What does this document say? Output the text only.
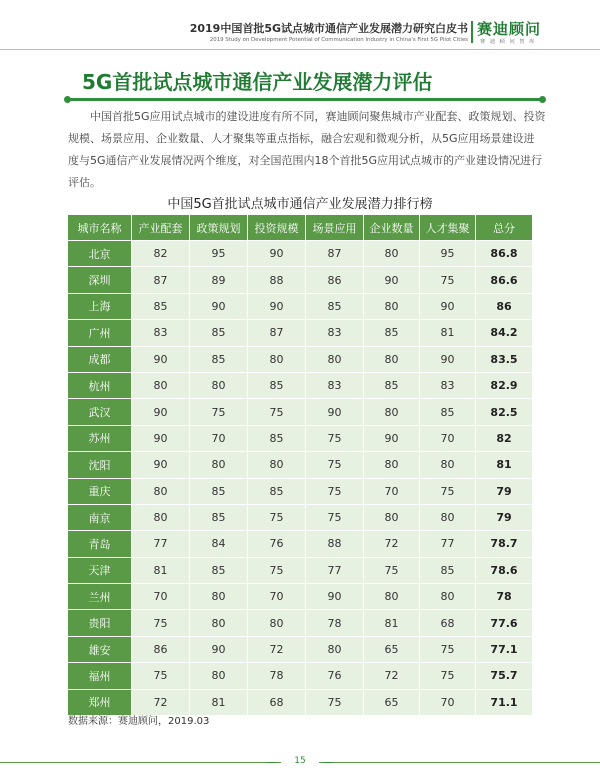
2019中国首批5G试点城市通信产业发展潜力研究白皮书
2019 Study on Development Potential of Communication Industry in China's First 5G Pilot Cities
赛迪顾问
赛 迪 顾 问 智 库
5G首批试点城市通信产业发展潜力评估
中国首批5G应用试点城市的建设进度有所不同，赛迪顾问聚焦城市产业配套、政策规划、投资
规模、场景应用、企业数量、人才聚集等重点指标，融合宏观和微观分析，从5G应用场景建设进
度与5G通信产业发展情况两个维度，对全国范围内18个首批5G应用试点城市的产业建设情况进行
评估。
中国5G首批试点城市通信产业发展潜力排行榜
城市名称	产业配套	政策规划	投资规模	场景应用	企业数量	人才集聚	总分
北京	82	95	90	87	80	95	86.8
深圳	87	89	88	86	90	75	86.6
上海	85	90	90	85	80	90	86
广州	83	85	87	83	85	81	84.2
成都	90	85	80	80	80	90	83.5
杭州	80	80	85	83	85	83	82.9
武汉	90	75	75	90	80	85	82.5
苏州	90	70	85	75	90	70	82
沈阳	90	80	80	75	80	80	81
重庆	80	85	85	75	70	75	79
南京	80	85	75	75	80	80	79
青岛	77	84	76	88	72	77	78.7
天津	81	85	75	77	75	85	78.6
兰州	70	80	70	90	80	80	78
贵阳	75	80	80	78	81	68	77.6
雄安	86	90	72	80	65	75	77.1
福州	75	80	78	76	72	75	75.7
郑州	72	81	68	75	65	70	71.1
数据来源：赛迪顾问，2019.03
15
